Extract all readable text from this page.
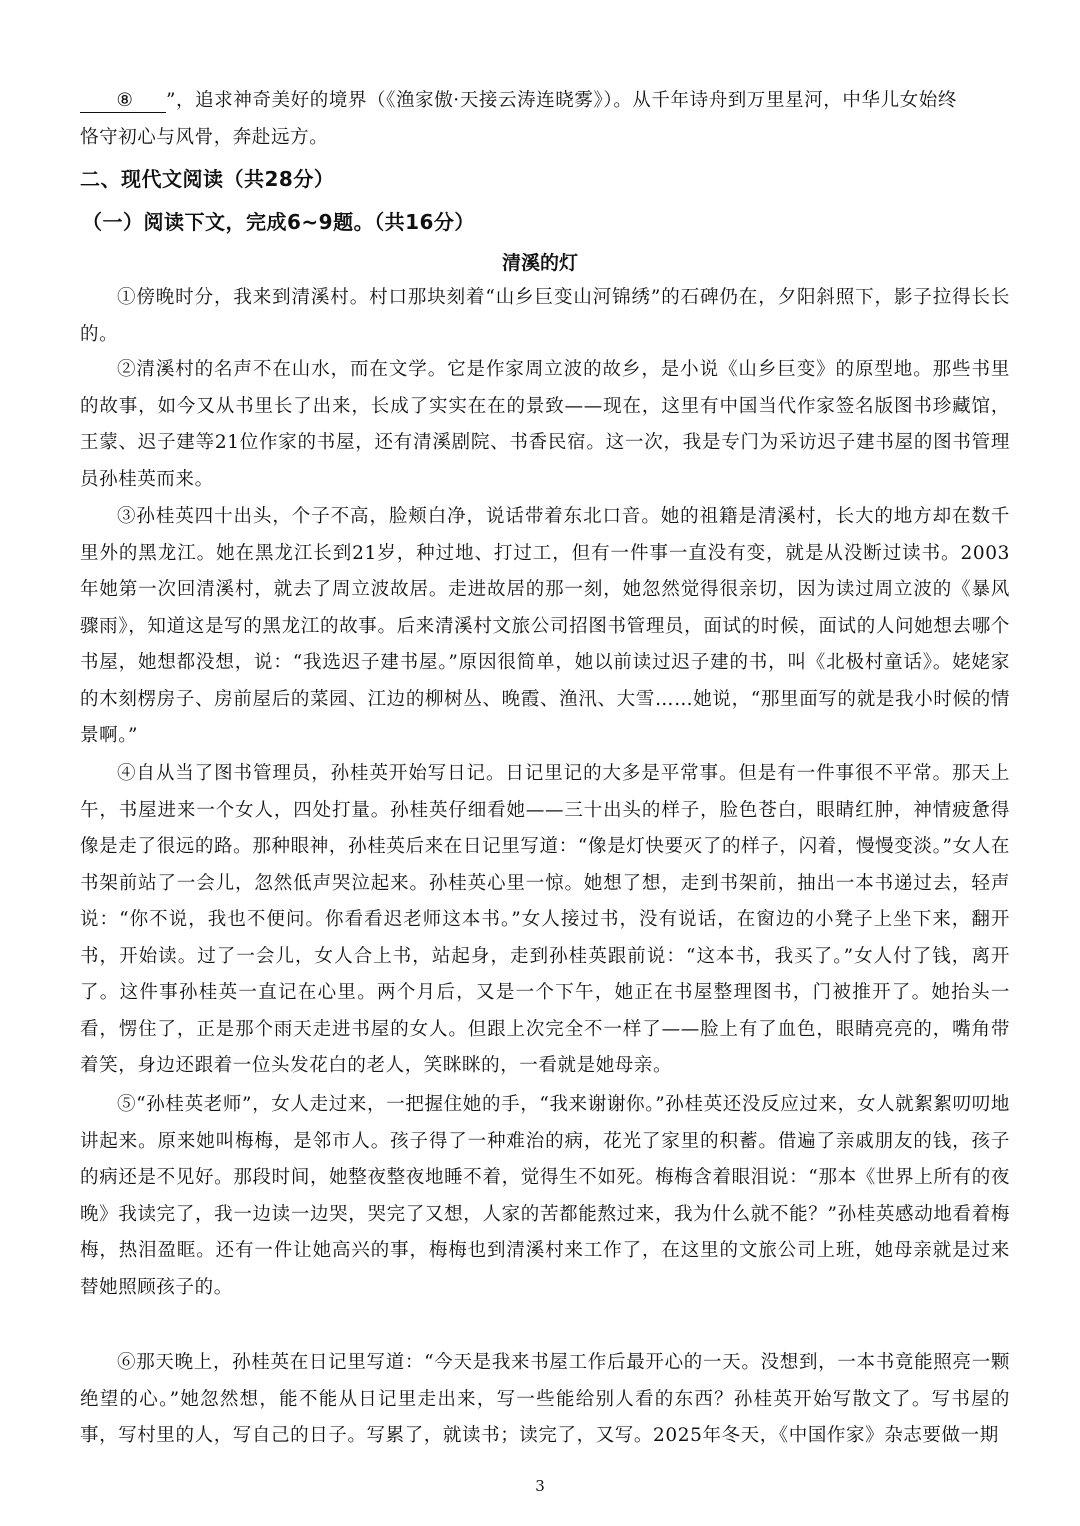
⑧ ”，追求神奇美好的境界（《渔家傲·天接云涛连晓雾》）。从千年诗舟到万里星河，中华儿女始终
恪守初心与风骨，奔赴远方。
二、现代文阅读（共28分）
（一）阅读下文，完成6~9题。（共16分）
清溪的灯

①傍晚时分，我来到清溪村。村口那块刻着“山乡巨变山河锦绣”的石碑仍在，夕阳斜照下，影子拉得长长的。

②清溪村的名声不在山水，而在文学。它是作家周立波的故乡，是小说《山乡巨变》的原型地。那些书里的故事，如今又从书里长了出来，长成了实实在在的景致——现在，这里有中国当代作家签名版图书珍藏馆，王蒙、迟子建等21位作家的书屋，还有清溪剧院、书香民宿。这一次，我是专门为采访迟子建书屋的图书管理员孙桂英而来。

③孙桂英四十出头，个子不高，脸颊白净，说话带着东北口音。她的祖籍是清溪村，长大的地方却在数千里外的黑龙江。她在黑龙江长到21岁，种过地、打过工，但有一件事一直没有变，就是从没断过读书。2003年她第一次回清溪村，就去了周立波故居。走进故居的那一刻，她忽然觉得很亲切，因为读过周立波的《暴风骤雨》，知道这是写的黑龙江的故事。后来清溪村文旅公司招图书管理员，面试的时候，面试的人问她想去哪个书屋，她想都没想，说：“我选迟子建书屋。”原因很简单，她以前读过迟子建的书，叫《北极村童话》。姥姥家的木刻楞房子、房前屋后的菜园、江边的柳树丛、晚霞、渔汛、大雪……她说，“那里面写的就是我小时候的情景啊。”

④自从当了图书管理员，孙桂英开始写日记。日记里记的大多是平常事。但是有一件事很不平常。那天上午，书屋进来一个女人，四处打量。孙桂英仔细看她——三十出头的样子，脸色苍白，眼睛红肿，神情疲惫得像是走了很远的路。那种眼神，孙桂英后来在日记里写道：“像是灯快要灭了的样子，闪着，慢慢变淡。”女人在书架前站了一会儿，忽然低声哭泣起来。孙桂英心里一惊。她想了想，走到书架前，抽出一本书递过去，轻声说：“你不说，我也不便问。你看看迟老师这本书。”女人接过书，没有说话，在窗边的小凳子上坐下来，翻开书，开始读。过了一会儿，女人合上书，站起身，走到孙桂英跟前说：“这本书，我买了。”女人付了钱，离开了。这件事孙桂英一直记在心里。两个月后，又是一个下午，她正在书屋整理图书，门被推开了。她抬头一看，愣住了，正是那个雨天走进书屋的女人。但跟上次完全不一样了——脸上有了血色，眼睛亮亮的，嘴角带着笑，身边还跟着一位头发花白的老人，笑眯眯的，一看就是她母亲。

⑤“孙桂英老师”，女人走过来，一把握住她的手，“我来谢谢你。”孙桂英还没反应过来，女人就絮絮叨叨地讲起来。原来她叫梅梅，是邻市人。孩子得了一种难治的病，花光了家里的积蓄。借遍了亲戚朋友的钱，孩子的病还是不见好。那段时间，她整夜整夜地睡不着，觉得生不如死。梅梅含着眼泪说：“那本《世界上所有的夜晚》我读完了，我一边读一边哭，哭完了又想，人家的苦都能熬过来，我为什么就不能？”孙桂英感动地看着梅梅，热泪盈眶。还有一件让她高兴的事，梅梅也到清溪村来工作了，在这里的文旅公司上班，她母亲就是过来替她照顾孩子的。

⑥那天晚上，孙桂英在日记里写道：“今天是我来书屋工作后最开心的一天。没想到，一本书竟能照亮一颗绝望的心。”她忽然想，能不能从日记里走出来，写一些能给别人看的东西？孙桂英开始写散文了。写书屋的事，写村里的人，写自己的日子。写累了，就读书；读完了，又写。2025年冬天，《中国作家》杂志要做一期

3
